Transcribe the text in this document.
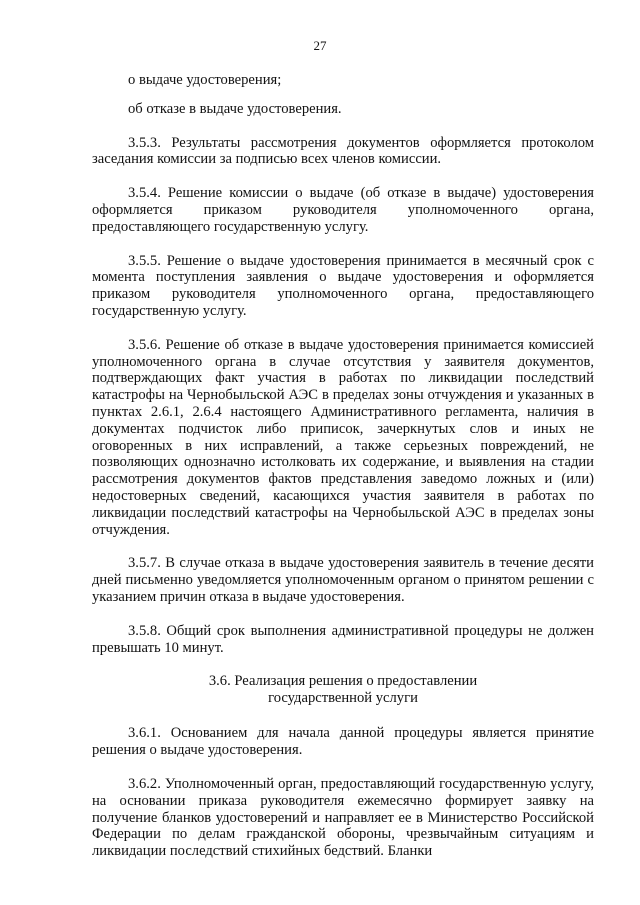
27

о выдаче удостоверения;

об отказе в выдаче удостоверения.

3.5.3. Результаты рассмотрения документов оформляется протоколом заседания комиссии за подписью всех членов комиссии.

3.5.4. Решение комиссии о выдаче (об отказе в выдаче) удостоверения оформляется приказом руководителя уполномоченного органа, предоставляющего государственную услугу.

3.5.5. Решение о выдаче удостоверения принимается в месячный срок с момента поступления заявления о выдаче удостоверения и оформляется приказом руководителя уполномоченного органа, предоставляющего государственную услугу.

3.5.6. Решение об отказе в выдаче удостоверения принимается комиссией уполномоченного органа в случае отсутствия у заявителя документов, подтверждающих факт участия в работах по ликвидации последствий катастрофы на Чернобыльской АЭС в пределах зоны отчуждения и указанных в пунктах 2.6.1, 2.6.4 настоящего Административного регламента, наличия в документах подчисток либо приписок, зачеркнутых слов и иных не оговоренных в них исправлений, а также серьезных повреждений, не позволяющих однозначно истолковать их содержание, и выявления на стадии рассмотрения документов фактов представления заведомо ложных и (или) недостоверных сведений, касающихся участия заявителя в работах по ликвидации последствий катастрофы на Чернобыльской АЭС в пределах зоны отчуждения.

3.5.7. В случае отказа в выдаче удостоверения заявитель в течение десяти дней письменно уведомляется уполномоченным органом о принятом решении с указанием причин отказа в выдаче удостоверения.

3.5.8. Общий срок выполнения административной процедуры не должен превышать 10 минут.

3.6. Реализация решения о предоставлении
государственной услуги

3.6.1. Основанием для начала данной процедуры является принятие решения о выдаче удостоверения.

3.6.2. Уполномоченный орган, предоставляющий государственную услугу, на основании приказа руководителя ежемесячно формирует заявку на получение бланков удостоверений и направляет ее в Министерство Российской Федерации по делам гражданской обороны, чрезвычайным ситуациям и ликвидации последствий стихийных бедствий. Бланки
